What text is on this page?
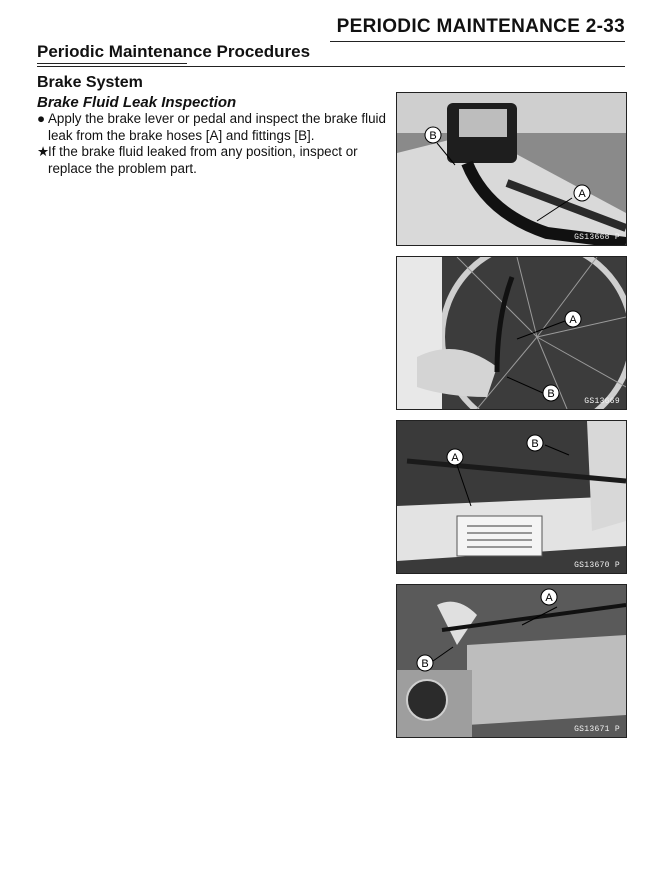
PERIODIC MAINTENANCE 2-33
Periodic Maintenance Procedures
Brake System
Brake Fluid Leak Inspection

● Apply the brake lever or pedal and inspect the brake fluid leak from the brake hoses [A] and fittings [B].

★
If the brake fluid leaked from any position, inspect or replace the problem part.

A
B
GS13668 P
A
B
GS13669
A
B
GS13670 P
A
B
GS13671 P
